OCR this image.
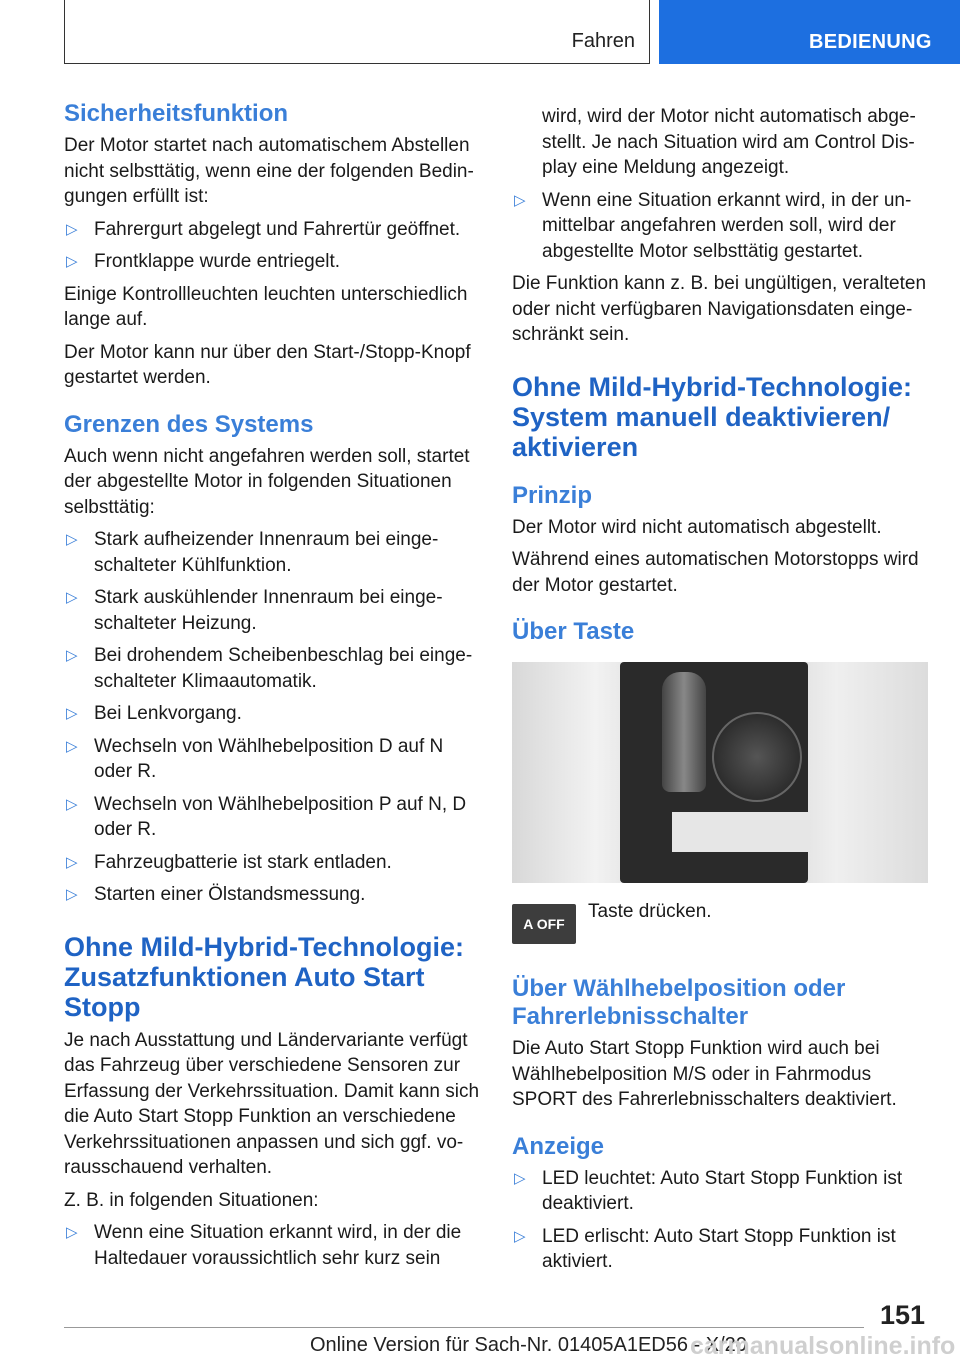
Fahren	BEDIENUNG
Sicherheitsfunktion

Der Motor startet nach automatischem Abstellen nicht selbsttätig, wenn eine der folgenden Bedin-gungen erfüllt ist:

▷ Fahrergurt abgelegt und Fahrertür geöffnet.
▷ Frontklappe wurde entriegelt.

Einige Kontrollleuchten leuchten unterschiedlich lange auf.

Der Motor kann nur über den Start-/Stopp-Knopf gestartet werden.

Grenzen des Systems

Auch wenn nicht angefahren werden soll, startet der abgestellte Motor in folgenden Situationen selbsttätig:

▷ Stark aufheizender Innenraum bei einge-schalteter Kühlfunktion.
▷ Stark auskühlender Innenraum bei einge-schalteter Heizung.
▷ Bei drohendem Scheibenbeschlag bei einge-schalteter Klimaautomatik.
▷ Bei Lenkvorgang.
▷ Wechseln von Wählhebelposition D auf N oder R.
▷ Wechseln von Wählhebelposition P auf N, D oder R.
▷ Fahrzeugbatterie ist stark entladen.
▷ Starten einer Ölstandsmessung.
Ohne Mild-Hybrid-Technologie: Zusatzfunktionen Auto Start Stopp

Je nach Ausstattung und Ländervariante verfügt das Fahrzeug über verschiedene Sensoren zur Erfassung der Verkehrssituation. Damit kann sich die Auto Start Stopp Funktion an verschiedene Verkehrssituationen anpassen und sich ggf. vo-rausschauend verhalten.

Z. B. in folgenden Situationen:

▷ Wenn eine Situation erkannt wird, in der die Haltedauer voraussichtlich sehr kurz sein

wird, wird der Motor nicht automatisch abge-stellt. Je nach Situation wird am Control Dis-play eine Meldung angezeigt.

▷ Wenn eine Situation erkannt wird, in der un-mittelbar angefahren werden soll, wird der abgestellte Motor selbsttätig gestartet.

Die Funktion kann z. B. bei ungültigen, veralteten oder nicht verfügbaren Navigationsdaten einge-schränkt sein.

Ohne Mild-Hybrid-Technologie: System manuell deaktivieren/ aktivieren
Prinzip

Der Motor wird nicht automatisch abgestellt.

Während eines automatischen Motorstopps wird der Motor gestartet.

Über Taste
A OFF
Taste drücken.
Über Wählhebelposition oder Fahrerlebnisschalter

Die Auto Start Stopp Funktion wird auch bei Wählhebelposition M/S oder in Fahrmodus SPORT des Fahrerlebnisschalters deaktiviert.

Anzeige
▷ LED leuchtet: Auto Start Stopp Funktion ist deaktiviert.
▷ LED erlischt: Auto Start Stopp Funktion ist aktiviert.
151
Online Version für Sach-Nr. 01405A1ED56 - X/20
carmanualsonline.info
